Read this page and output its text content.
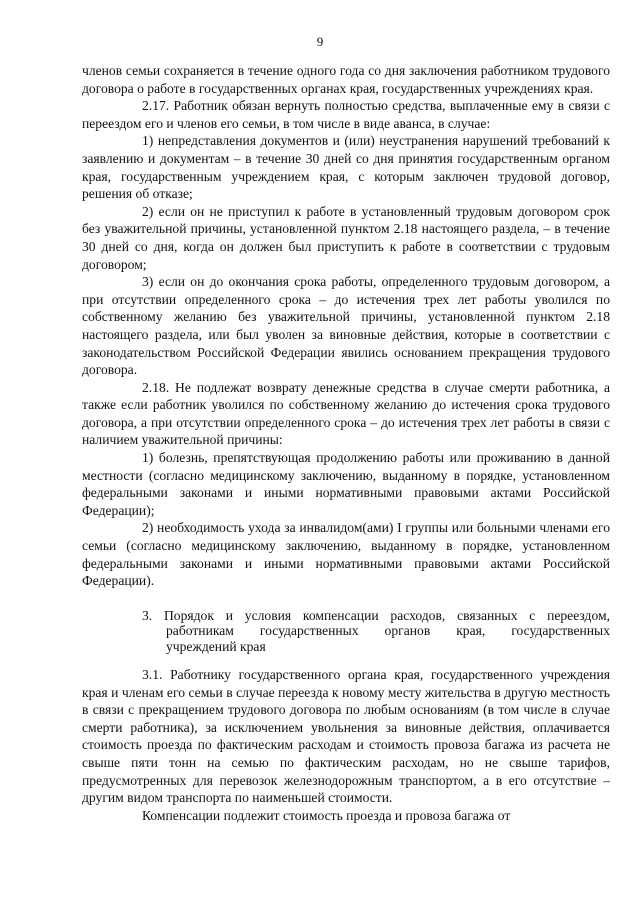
9

членов семьи сохраняется в течение одного года со дня заключения работником трудового договора о работе в государственных органах края, государственных учреждениях края.

2.17. Работник обязан вернуть полностью средства, выплаченные ему в связи с переездом его и членов его семьи, в том числе в виде аванса, в случае:

1) непредставления документов и (или) неустранения нарушений требований к заявлению и документам – в течение 30 дней со дня принятия государственным органом края, государственным учреждением края, с которым заключен трудовой договор, решения об отказе;

2) если он не приступил к работе в установленный трудовым договором срок без уважительной причины, установленной пунктом 2.18 настоящего раздела, – в течение 30 дней со дня, когда он должен был приступить к работе в соответствии с трудовым договором;

3) если он до окончания срока работы, определенного трудовым договором, а при отсутствии определенного срока – до истечения трех лет работы уволился по собственному желанию без уважительной причины, установленной пунктом 2.18 настоящего раздела, или был уволен за виновные действия, которые в соответствии с законодательством Российской Федерации явились основанием прекращения трудового договора.

2.18. Не подлежат возврату денежные средства в случае смерти работника, а также если работник уволился по собственному желанию до истечения срока трудового договора, а при отсутствии определенного срока – до истечения трех лет работы в связи с наличием уважительной причины:

1) болезнь, препятствующая продолжению работы или проживанию в данной местности (согласно медицинскому заключению, выданному в порядке, установленном федеральными законами и иными нормативными правовыми актами Российской Федерации);

2) необходимость ухода за инвалидом(ами) I группы или больными членами его семьи (согласно медицинскому заключению, выданному в порядке, установленном федеральными законами и иными нормативными правовыми актами Российской Федерации).

3. Порядок и условия компенсации расходов, связанных с переездом,
работникам государственных органов края, государственных
учреждений края

3.1. Работнику государственного органа края, государственного учреждения края и членам его семьи в случае переезда к новому месту жительства в другую местность в связи с прекращением трудового договора по любым основаниям (в том числе в случае смерти работника), за исключением увольнения за виновные действия, оплачивается стоимость проезда по фактическим расходам и стоимость провоза багажа из расчета не свыше пяти тонн на семью по фактическим расходам, но не свыше тарифов, предусмотренных для перевозок железнодорожным транспортом, а в его отсутствие – другим видом транспорта по наименьшей стоимости.

Компенсации подлежит стоимость проезда и провоза багажа от
